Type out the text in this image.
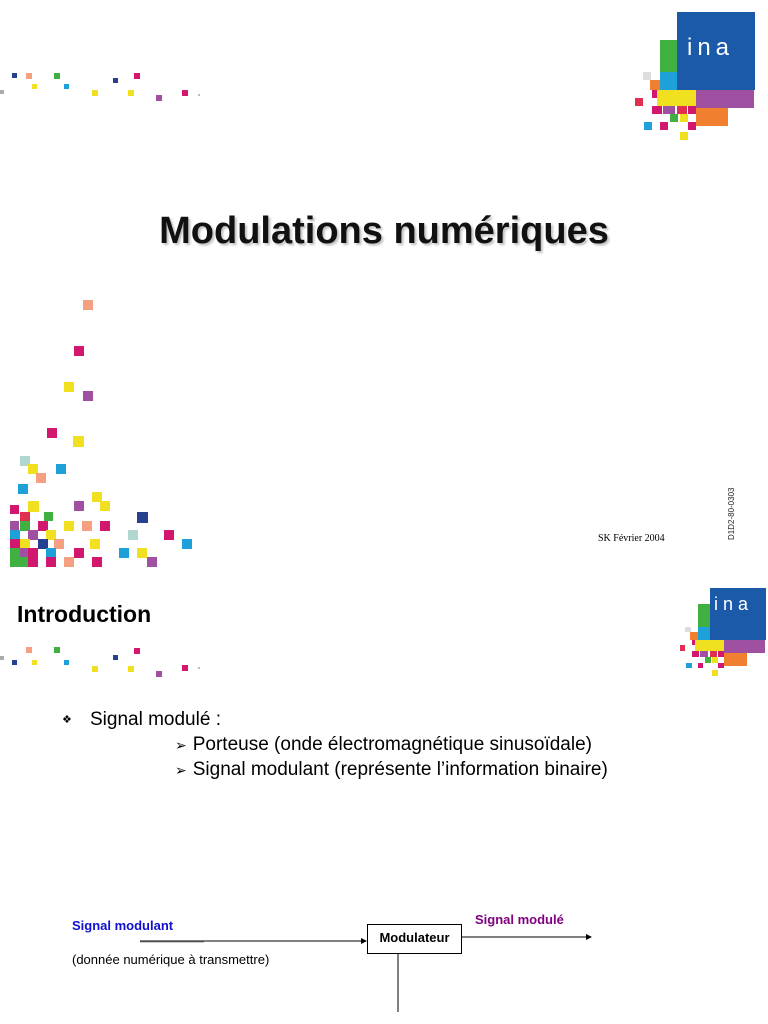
ina
Modulations numériques
SK Février 2004	D1D2-80-0303
Introduction	ina
❖ Signal modulé :
➢ Porteuse (onde électromagnétique sinusoïdale)
➢ Signal modulant (représente l’information binaire)
Signal modulant
(donnée numérique à transmettre)
Signal modulé
Modulateur
